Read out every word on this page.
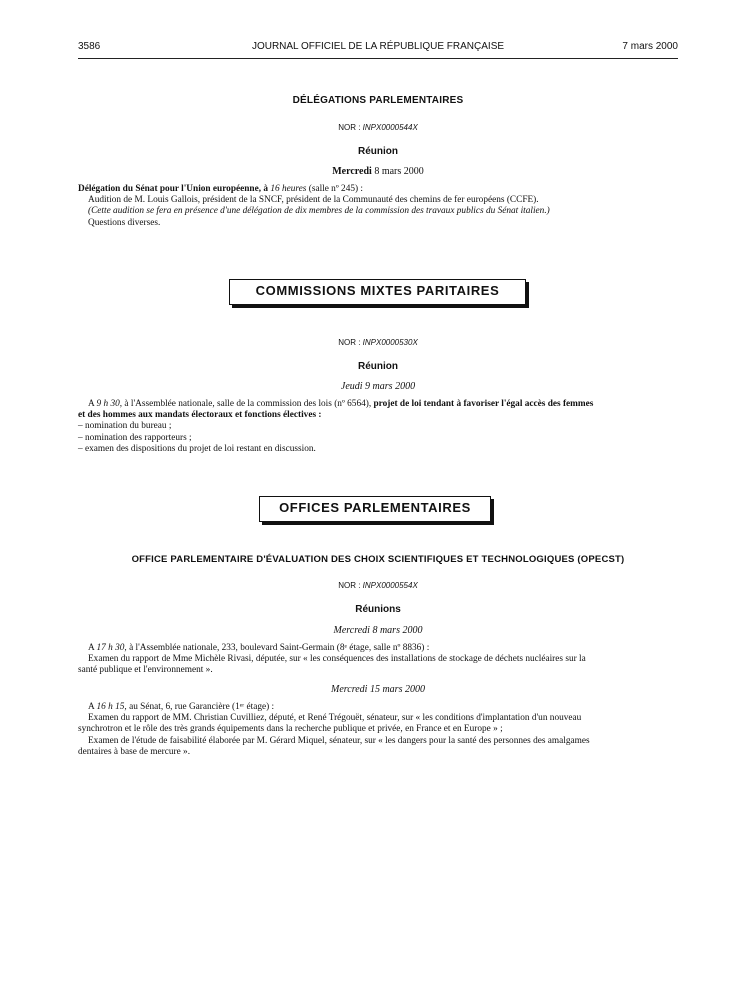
3586	JOURNAL OFFICIEL DE LA RÉPUBLIQUE FRANÇAISE	7 mars 2000
DÉLÉGATIONS PARLEMENTAIRES
NOR : INPX0000544X
Réunion
Mercredi 8 mars 2000
Délégation du Sénat pour l'Union européenne, à 16 heures (salle nº 245) :
Audition de M. Louis Gallois, président de la SNCF, président de la Communauté des chemins de fer européens (CCFE).
(Cette audition se fera en présence d'une délégation de dix membres de la commission des travaux publics du Sénat italien.)
Questions diverses.
COMMISSIONS MIXTES PARITAIRES
NOR : INPX0000530X
Réunion
Jeudi 9 mars 2000
A 9 h 30, à l'Assemblée nationale, salle de la commission des lois (nº 6564), projet de loi tendant à favoriser l'égal accès des femmes
et des hommes aux mandats électoraux et fonctions électives :
– nomination du bureau ;
– nomination des rapporteurs ;
– examen des dispositions du projet de loi restant en discussion.
OFFICES PARLEMENTAIRES
OFFICE PARLEMENTAIRE D'ÉVALUATION DES CHOIX SCIENTIFIQUES ET TECHNOLOGIQUES (OPECST)
NOR : INPX0000554X
Réunions
Mercredi 8 mars 2000
A 17 h 30, à l'Assemblée nationale, 233, boulevard Saint-Germain (8ᵉ étage, salle nº 8836) :
Examen du rapport de Mme Michèle Rivasi, députée, sur « les conséquences des installations de stockage de déchets nucléaires sur la
santé publique et l'environnement ».
Mercredi 15 mars 2000
A 16 h 15, au Sénat, 6, rue Garancière (1ᵉʳ étage) :
Examen du rapport de MM. Christian Cuvilliez, député, et René Trégouët, sénateur, sur « les conditions d'implantation d'un nouveau
synchrotron et le rôle des très grands équipements dans la recherche publique et privée, en France et en Europe » ;
Examen de l'étude de faisabilité élaborée par M. Gérard Miquel, sénateur, sur « les dangers pour la santé des personnes des amalgames
dentaires à base de mercure ».
